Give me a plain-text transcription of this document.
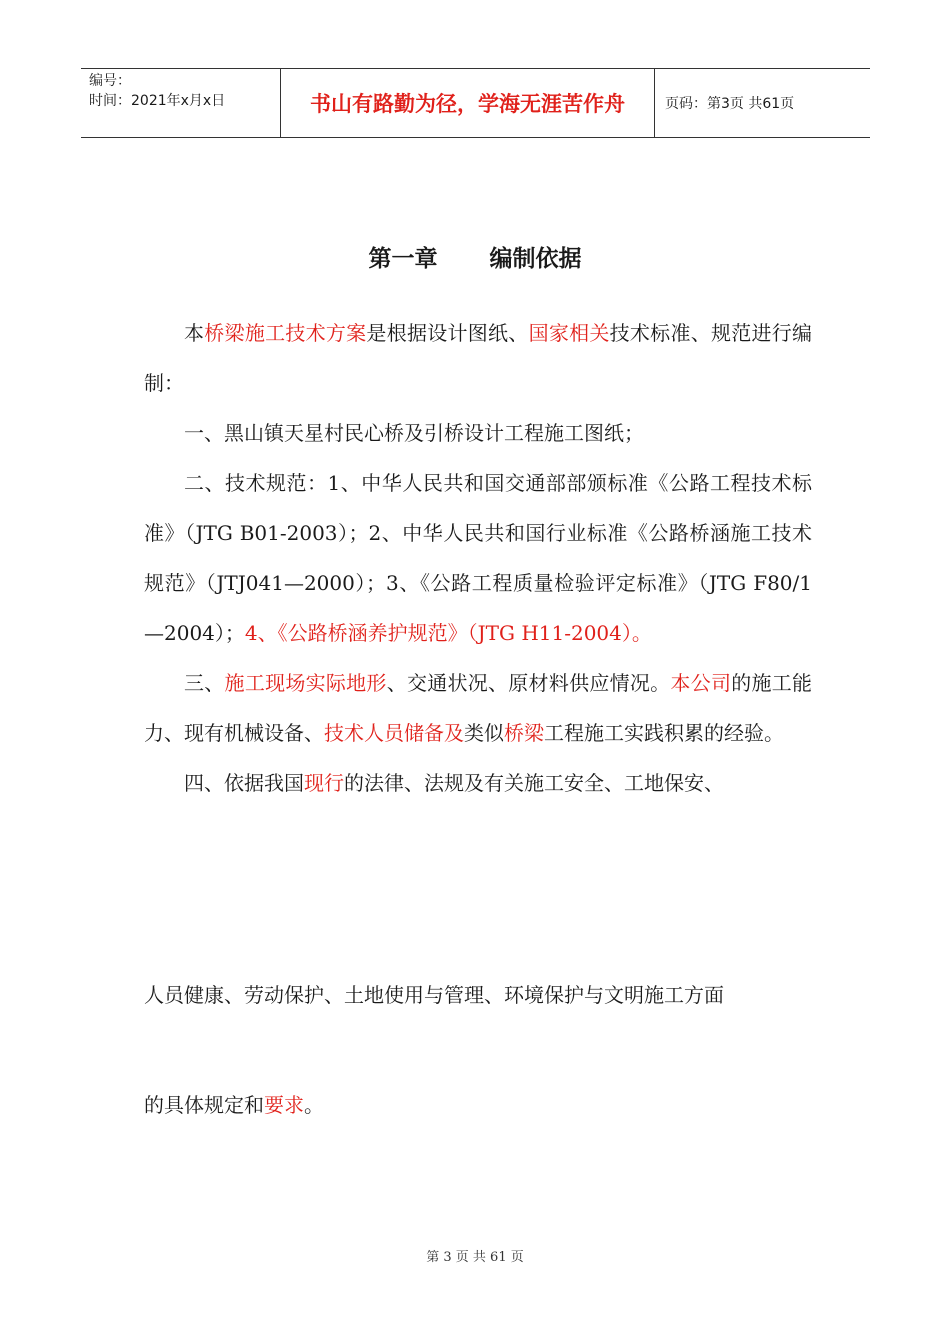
编号：
时间：2021年x月x日	书山有路勤为径，学海无涯苦作舟	页码：第3页 共61页
第一章 编制依据

本桥梁施工技术方案是根据设计图纸、国家相关技术标准、规范进行编制：

一、黑山镇天星村民心桥及引桥设计工程施工图纸；

二、技术规范：1、中华人民共和国交通部部颁标准《公路工程技术标准》（JTG B01-2003）；2、中华人民共和国行业标准《公路桥涵施工技术规范》（JTJ041—2000）；3、《公路工程质量检验评定标准》（JTG F80/1—2004）；4、《公路桥涵养护规范》（JTG H11-2004）。

三、施工现场实际地形、交通状况、原材料供应情况。本公司的施工能力、现有机械设备、技术人员储备及类似桥梁工程施工实践积累的经验。

四、依据我国现行的法律、法规及有关施工安全、工地保安、

人员健康、劳动保护、土地使用与管理、环境保护与文明施工方面

的具体规定和要求。

第 3 页 共 61 页
